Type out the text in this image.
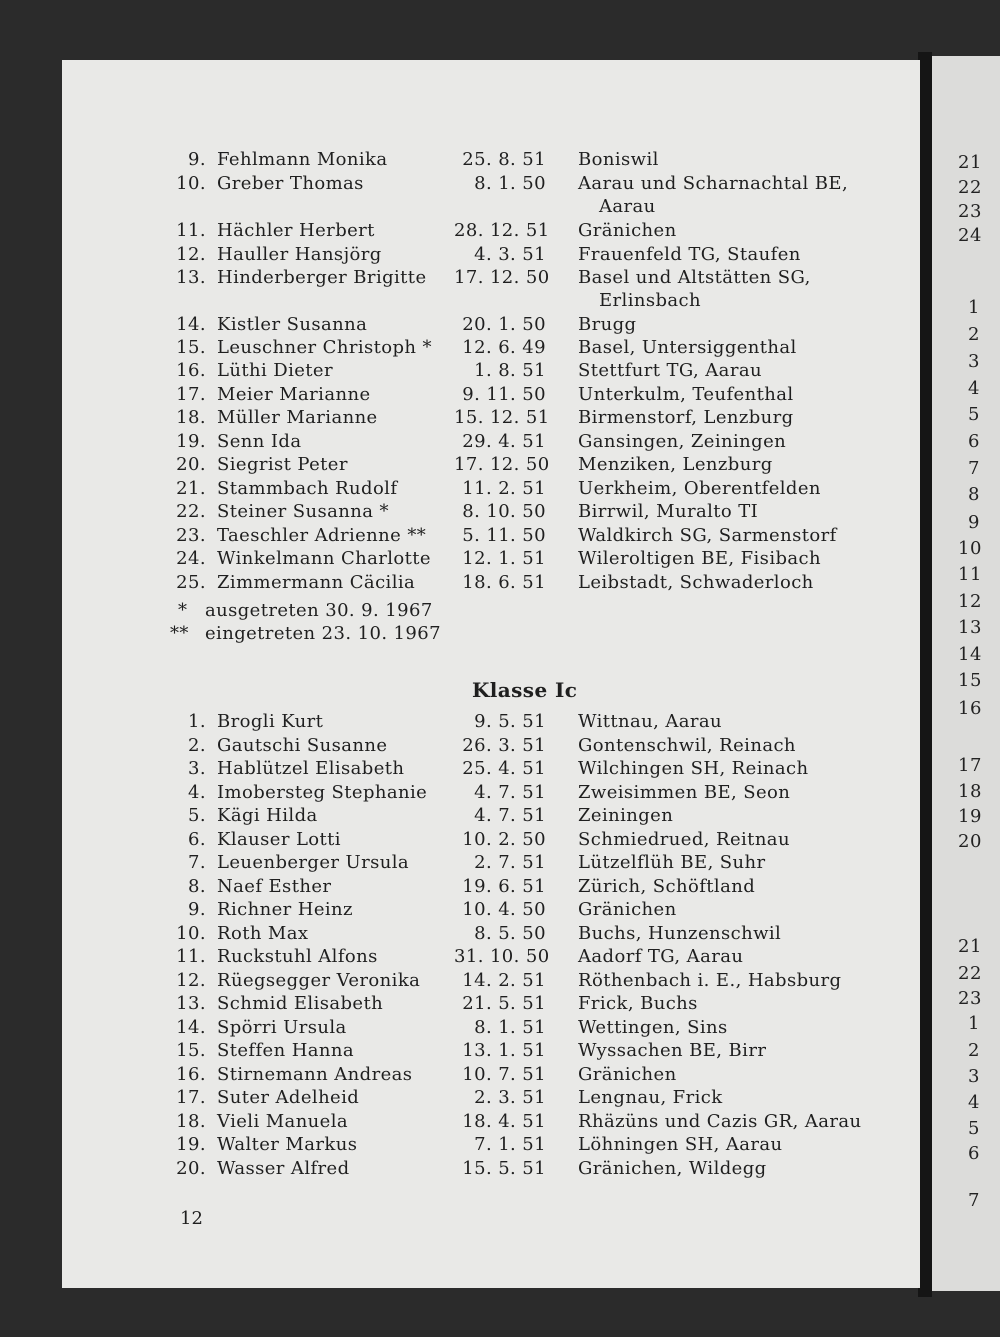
21
22
23
24
1
2
3
4
5
6
7
8
9
10
11
12
13
14
15
16
17
18
19
20
21
22
23
1
2
3
4
5
6
7
9. Fehlmann Monika	25. 8. 51 Boniswil
10. Greber Thomas	8. 1. 50 Aarau und Scharnachtal BE,
Aarau
11. Hächler Herbert	28. 12. 51 Gränichen
12. Hauller Hansjörg	4. 3. 51 Frauenfeld TG, Staufen
13. Hinderberger Brigitte 17. 12. 50 Basel und Altstätten SG,
Erlinsbach
14. Kistler Susanna	20. 1. 50 Brugg
15. Leuschner Christoph *	12. 6. 49 Basel, Untersiggenthal
16. Lüthi Dieter	1. 8. 51 Stettfurt TG, Aarau
17. Meier Marianne	9. 11. 50 Unterkulm, Teufenthal
18. Müller Marianne	15. 12. 51 Birmenstorf, Lenzburg
19. Senn Ida	29. 4. 51 Gansingen, Zeiningen
20. Siegrist Peter	17. 12. 50 Menziken, Lenzburg
21. Stammbach Rudolf	11. 2. 51 Uerkheim, Oberentfelden
22. Steiner Susanna *	8. 10. 50 Birrwil, Muralto TI
23. Taeschler Adrienne **	5. 11. 50 Waldkirch SG, Sarmenstorf
24. Winkelmann Charlotte	12. 1. 51 Wileroltigen BE, Fisibach
25. Zimmermann Cäcilia	18. 6. 51 Leibstadt, Schwaderloch
* ausgetreten 30. 9. 1967
** eingetreten 23. 10. 1967
Klasse Ic
1. Brogli Kurt	9. 5. 51 Wittnau, Aarau
2. Gautschi Susanne	26. 3. 51 Gontenschwil, Reinach
3. Hablützel Elisabeth	25. 4. 51 Wilchingen SH, Reinach
4. Imobersteg Stephanie	4. 7. 51 Zweisimmen BE, Seon
5. Kägi Hilda	4. 7. 51 Zeiningen
6. Klauser Lotti	10. 2. 50 Schmiedrued, Reitnau
7. Leuenberger Ursula	2. 7. 51 Lützelflüh BE, Suhr
8. Naef Esther	19. 6. 51 Zürich, Schöftland
9. Richner Heinz	10. 4. 50 Gränichen
10. Roth Max	8. 5. 50 Buchs, Hunzenschwil
11. Ruckstuhl Alfons	31. 10. 50 Aadorf TG, Aarau
12. Rüegsegger Veronika	14. 2. 51 Röthenbach i. E., Habsburg
13. Schmid Elisabeth	21. 5. 51 Frick, Buchs
14. Spörri Ursula	8. 1. 51 Wettingen, Sins
15. Steffen Hanna	13. 1. 51 Wyssachen BE, Birr
16. Stirnemann Andreas	10. 7. 51 Gränichen
17. Suter Adelheid	2. 3. 51 Lengnau, Frick
18. Vieli Manuela	18. 4. 51 Rhäzüns und Cazis GR, Aarau
19. Walter Markus	7. 1. 51 Löhningen SH, Aarau
20. Wasser Alfred	15. 5. 51 Gränichen, Wildegg
12
